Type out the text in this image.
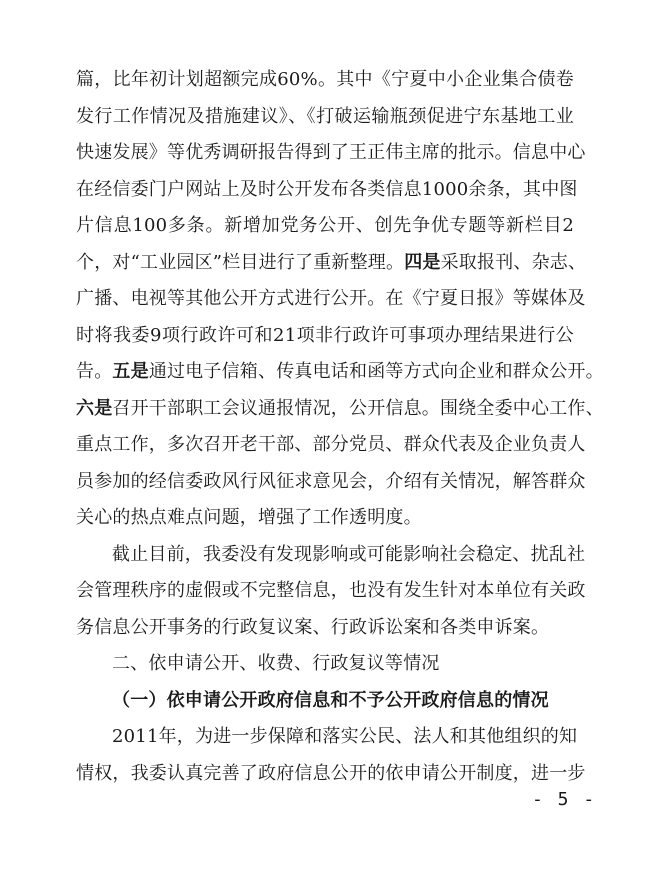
篇，比年初计划超额完成60%。其中《宁夏中小企业集合债卷
发行工作情况及措施建议》、《打破运输瓶颈促进宁东基地工业
快速发展》等优秀调研报告得到了王正伟主席的批示。信息中心
在经信委门户网站上及时公开发布各类信息1000余条，其中图
片信息100多条。新增加党务公开、创先争优专题等新栏目2
个，对“工业园区”栏目进行了重新整理。四是采取报刊、杂志、
广播、电视等其他公开方式进行公开。在《宁夏日报》等媒体及
时将我委9项行政许可和21项非行政许可事项办理结果进行公
告。五是通过电子信箱、传真电话和函等方式向企业和群众公开。
六是召开干部职工会议通报情况，公开信息。围绕全委中心工作、
重点工作，多次召开老干部、部分党员、群众代表及企业负责人
员参加的经信委政风行风征求意见会，介绍有关情况，解答群众
关心的热点难点问题，增强了工作透明度。
截止目前，我委没有发现影响或可能影响社会稳定、扰乱社
会管理秩序的虚假或不完整信息，也没有发生针对本单位有关政
务信息公开事务的行政复议案、行政诉讼案和各类申诉案。
二、依申请公开、收费、行政复议等情况
（一）依申请公开政府信息和不予公开政府信息的情况
2011年，为进一步保障和落实公民、法人和其他组织的知
情权，我委认真完善了政府信息公开的依申请公开制度，进一步
- 5 -
